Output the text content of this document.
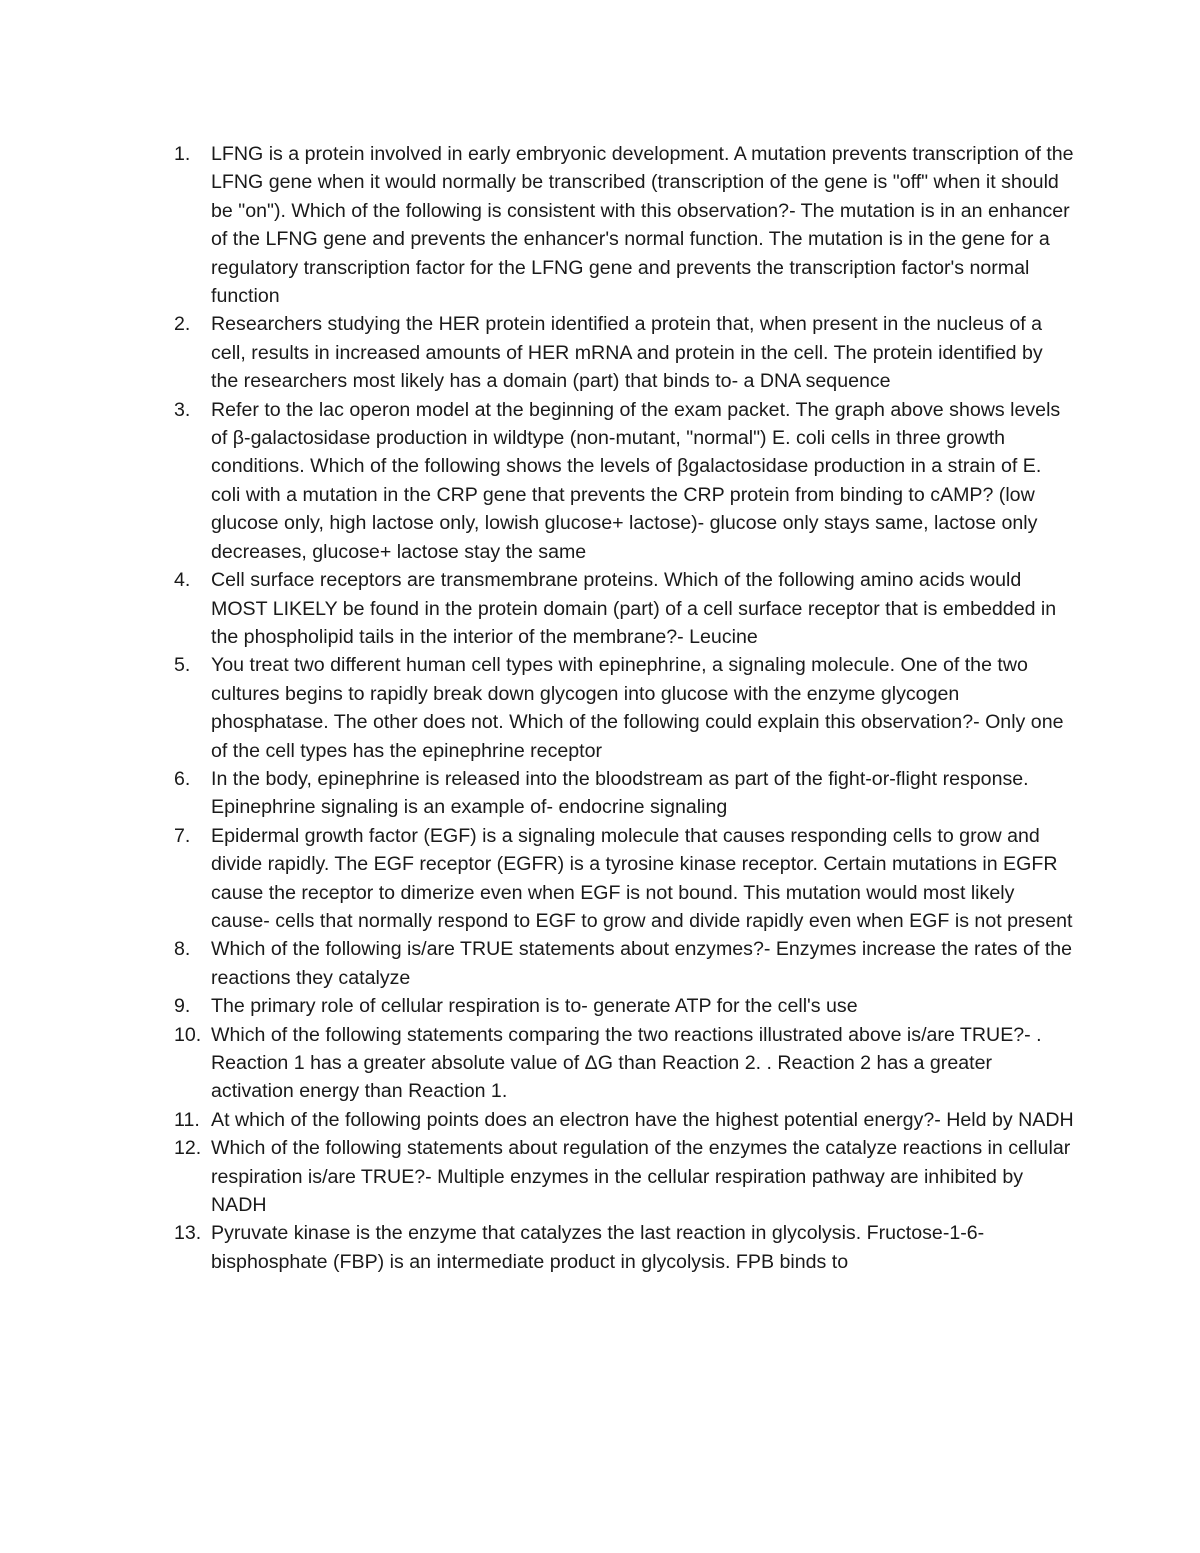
1. LFNG is a protein involved in early embryonic development. A mutation prevents transcription of the LFNG gene when it would normally be transcribed (transcription of the gene is "off" when it should be "on"). Which of the following is consistent with this observation?- The mutation is in an enhancer of the LFNG gene and prevents the enhancer's normal function. The mutation is in the gene for a regulatory transcription factor for the LFNG gene and prevents the transcription factor's normal function
2. Researchers studying the HER protein identified a protein that, when present in the nucleus of a cell, results in increased amounts of HER mRNA and protein in the cell. The protein identified by the researchers most likely has a domain (part) that binds to- a DNA sequence
3. Refer to the lac operon model at the beginning of the exam packet. The graph above shows levels of β-galactosidase production in wildtype (non-mutant, "normal") E. coli cells in three growth conditions. Which of the following shows the levels of βgalactosidase production in a strain of E. coli with a mutation in the CRP gene that prevents the CRP protein from binding to cAMP? (low glucose only, high lactose only, lowish glucose+ lactose)- glucose only stays same, lactose only decreases, glucose+ lactose stay the same
4. Cell surface receptors are transmembrane proteins. Which of the following amino acids would MOST LIKELY be found in the protein domain (part) of a cell surface receptor that is embedded in the phospholipid tails in the interior of the membrane?- Leucine
5. You treat two different human cell types with epinephrine, a signaling molecule. One of the two cultures begins to rapidly break down glycogen into glucose with the enzyme glycogen phosphatase. The other does not. Which of the following could explain this observation?- Only one of the cell types has the epinephrine receptor
6. In the body, epinephrine is released into the bloodstream as part of the fight-or-flight response. Epinephrine signaling is an example of- endocrine signaling
7. Epidermal growth factor (EGF) is a signaling molecule that causes responding cells to grow and divide rapidly. The EGF receptor (EGFR) is a tyrosine kinase receptor. Certain mutations in EGFR cause the receptor to dimerize even when EGF is not bound. This mutation would most likely cause- cells that normally respond to EGF to grow and divide rapidly even when EGF is not present
8. Which of the following is/are TRUE statements about enzymes?- Enzymes increase the rates of the reactions they catalyze
9. The primary role of cellular respiration is to- generate ATP for the cell's use
10. Which of the following statements comparing the two reactions illustrated above is/are TRUE?- . Reaction 1 has a greater absolute value of ΔG than Reaction 2. . Reaction 2 has a greater activation energy than Reaction 1.
11. At which of the following points does an electron have the highest potential energy?- Held by NADH
12. Which of the following statements about regulation of the enzymes the catalyze reactions in cellular respiration is/are TRUE?- Multiple enzymes in the cellular respiration pathway are inhibited by NADH
13. Pyruvate kinase is the enzyme that catalyzes the last reaction in glycolysis. Fructose-1-6-bisphosphate (FBP) is an intermediate product in glycolysis. FPB binds to
